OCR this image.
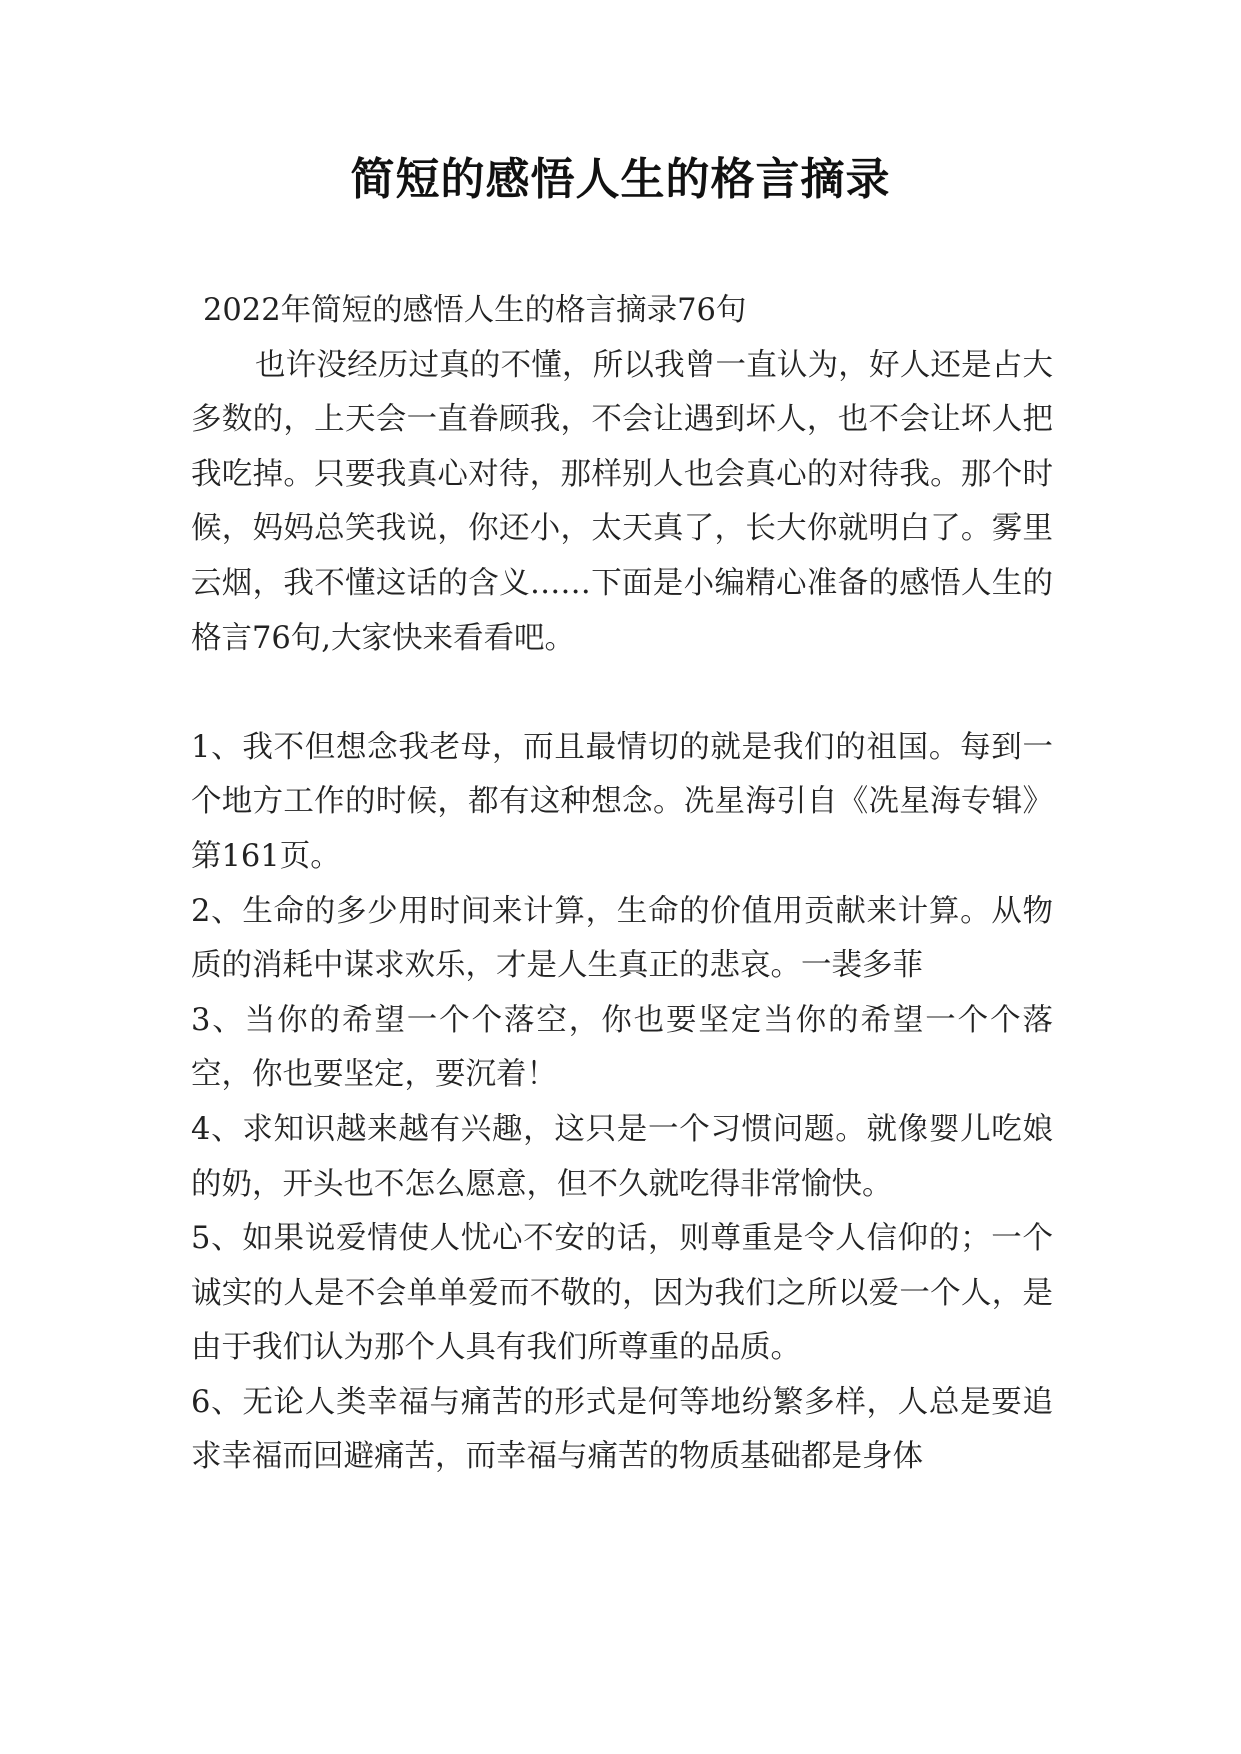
简短的感悟人生的格言摘录

2022年简短的感悟人生的格言摘录76句

也许没经历过真的不懂，所以我曾一直认为，好人还是占大多数的，上天会一直眷顾我，不会让遇到坏人，也不会让坏人把我吃掉。只要我真心对待，那样别人也会真心的对待我。那个时候，妈妈总笑我说，你还小，太天真了，长大你就明白了。雾里云烟，我不懂这话的含义……下面是小编精心准备的感悟人生的格言76句,大家快来看看吧。

1、我不但想念我老母，而且最情切的就是我们的祖国。每到一个地方工作的时候，都有这种想念。冼星海引自《冼星海专辑》第161页。

2、生命的多少用时间来计算，生命的价值用贡献来计算。从物质的消耗中谋求欢乐，才是人生真正的悲哀。一裴多菲

3、当你的希望一个个落空，你也要坚定当你的希望一个个落空，你也要坚定，要沉着！

4、求知识越来越有兴趣，这只是一个习惯问题。就像婴儿吃娘的奶，开头也不怎么愿意，但不久就吃得非常愉快。

5、如果说爱情使人忧心不安的话，则尊重是令人信仰的；一个诚实的人是不会单单爱而不敬的，因为我们之所以爱一个人，是由于我们认为那个人具有我们所尊重的品质。

6、无论人类幸福与痛苦的形式是何等地纷繁多样，人总是要追求幸福而回避痛苦，而幸福与痛苦的物质基础都是身体
